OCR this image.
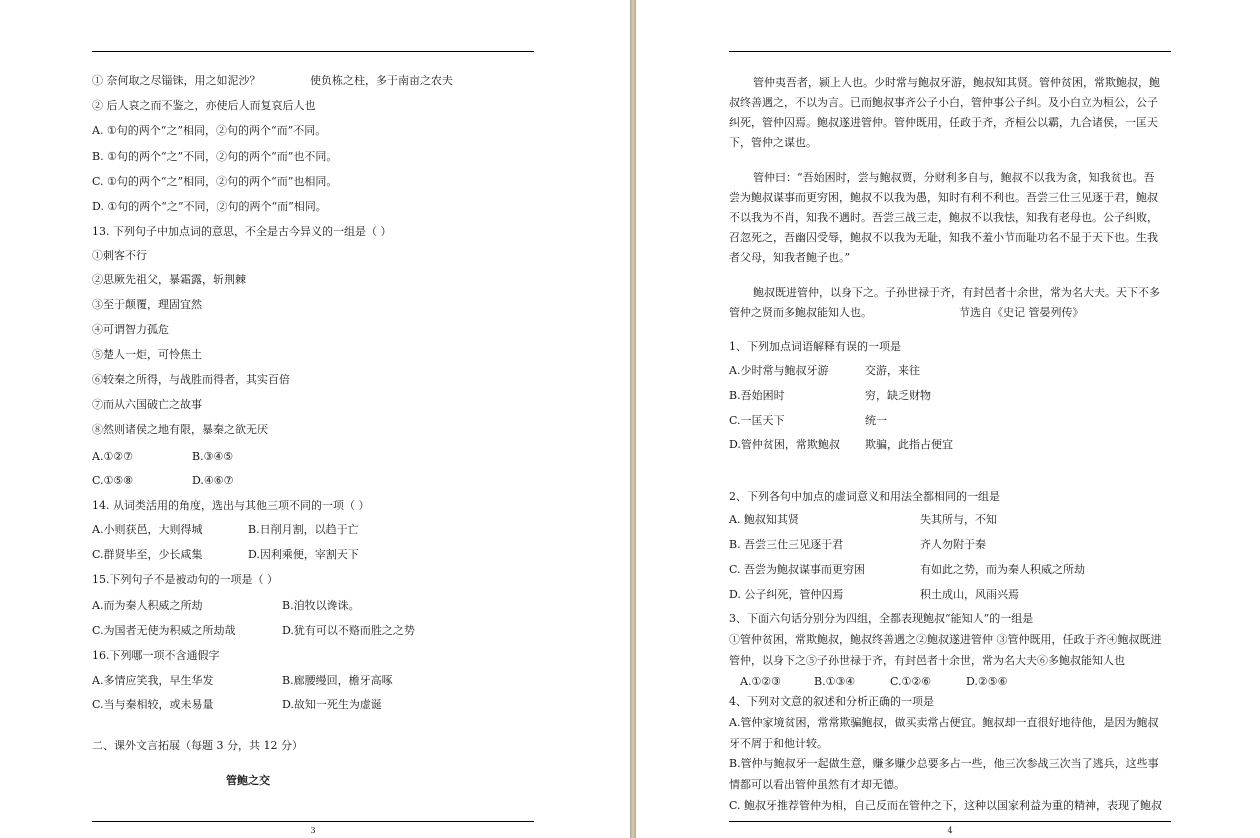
① 奈何取之尽锱铢，用之如泥沙？	使负栋之柱，多于南亩之农夫
② 后人哀之而不鉴之，亦使后人而复哀后人也
A. ①句的两个“之”相同，②句的两个“而”不同。
B. ①句的两个“之”不同，②句的两个“而”也不同。
C. ①句的两个“之”相同，②句的两个“而”也相同。
D. ①句的两个“之”不同，②句的两个“而”相同。
13. 下列句子中加点词的意思，不全是古今异义的一组是（ ）
①刺客不行
②思厥先祖父，暴霜露，斩荆棘
③至于颠覆，理固宜然
④可谓智力孤危
⑤楚人一炬，可怜焦土
⑥较秦之所得，与战胜而得者，其实百倍
⑦而从六国破亡之故事
⑧然则诸侯之地有限，暴秦之欲无厌
A.①②⑦	B.③④⑤
C.①⑤⑧	D.④⑥⑦
14. 从词类活用的角度，选出与其他三项不同的一项（ ）
A.小则获邑，大则得城	B.日削月割，以趋于亡
C.群贤毕至，少长咸集	D.因利乘便，宰割天下
15.下列句子不是被动句的一项是（ ）
A.而为秦人积威之所劫	B.洎牧以谗诛。
C.为国者无使为积威之所劫哉	D.犹有可以不赂而胜之之势
16.下列哪一项不含通假字
A.多情应笑我，早生华发	B.廊腰缦回，檐牙高啄
C.当与秦相较，或未易量	D.故知一死生为虚诞
二、课外文言拓展（每题 3 分，共 12 分）
管鲍之交
3
管仲夷吾者，颍上人也。少时常与鲍叔牙游，鲍叔知其贤。管仲贫困，常欺鲍叔，鲍
叔终善遇之，不以为言。已而鲍叔事齐公子小白，管仲事公子纠。及小白立为桓公，公子
纠死，管仲囚焉。鲍叔遂进管仲。管仲既用，任政于齐，齐桓公以霸，九合诸侯，一匡天
下，管仲之谋也。
管仲曰：“吾始困时，尝与鲍叔贾，分财利多自与，鲍叔不以我为贪，知我贫也。吾
尝为鲍叔谋事而更穷困，鲍叔不以我为愚，知时有利不利也。吾尝三仕三见逐于君，鲍叔
不以我为不肖，知我不遇时。吾尝三战三走，鲍叔不以我怯，知我有老母也。公子纠败，
召忽死之，吾幽囚受辱，鲍叔不以我为无耻，知我不羞小节而耻功名不显于天下也。生我
者父母，知我者鲍子也。”
鲍叔既进管仲，以身下之。子孙世禄于齐，有封邑者十余世，常为名大夫。天下不多
管仲之贤而多鲍叔能知人也。	节选自《史记 管晏列传》
1、下列加点词语解释有误的一项是
A.少时常与鲍叔牙游	交游，来往
B.吾始困时	穷，缺乏财物
C.一匡天下	统一
D.管仲贫困，常欺鲍叔 欺骗，此指占便宜
2、下列各句中加点的虚词意义和用法全都相同的一组是
A. 鲍叔知其贤	失其所与，不知
B. 吾尝三仕三见逐于君	齐人勿附于秦
C. 吾尝为鲍叔谋事而更穷困	有如此之势，而为秦人积威之所劫
D. 公子纠死，管仲囚焉	积土成山，风雨兴焉
3、下面六句话分别分为四组，全都表现鲍叔“能知人”的一组是
①管仲贫困，常欺鲍叔，鲍叔终善遇之②鲍叔遂进管仲 ③管仲既用，任政于齐④鲍叔既进
管仲，以身下之⑤子孙世禄于齐，有封邑者十余世，常为名大夫⑥多鲍叔能知人也
A.①②③	B.①③④	C.①②⑥	D.②⑤⑥
4、下列对文意的叙述和分析正确的一项是
A.管仲家境贫困，常常欺骗鲍叔，做买卖常占便宜。鲍叔却一直很好地待他，是因为鲍叔
牙不屑于和他计较。
B.管仲与鲍叔牙一起做生意，赚多赚少总要多占一些，他三次参战三次当了逃兵，这些事
情都可以看出管仲虽然有才却无德。
C. 鲍叔牙推荐管仲为相，自己反而在管仲之下，这种以国家利益为重的精神，表现了鲍叔
4
